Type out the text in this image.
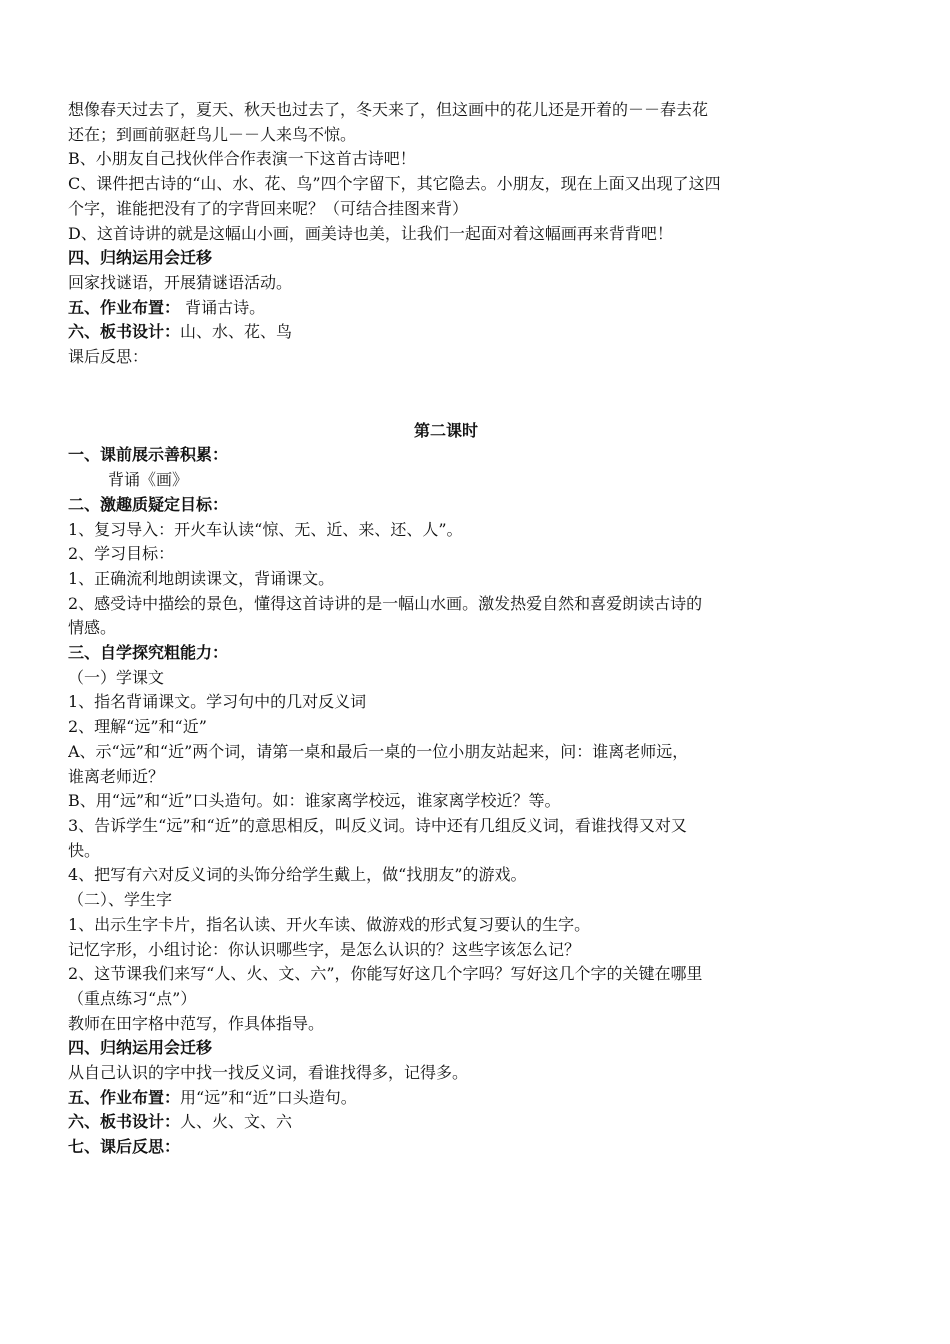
想像春天过去了，夏天、秋天也过去了，冬天来了，但这画中的花儿还是开着的－－春去花
还在；到画前驱赶鸟儿－－人来鸟不惊。
B、小朋友自己找伙伴合作表演一下这首古诗吧！
C、课件把古诗的“山、水、花、鸟”四个字留下，其它隐去。小朋友，现在上面又出现了这四
个字，谁能把没有了的字背回来呢？（可结合挂图来背）
D、这首诗讲的就是这幅山小画，画美诗也美，让我们一起面对着这幅画再来背背吧！
四、归纳运用会迁移
回家找谜语，开展猜谜语活动。
五、作业布置： 背诵古诗。
六、板书设计：山、水、花、鸟
课后反思：
第二课时
一、课前展示善积累：
背诵《画》
二、激趣质疑定目标：
1、复习导入：开火车认读“惊、无、近、来、还、人”。
2、学习目标：
1、正确流利地朗读课文，背诵课文。
2、感受诗中描绘的景色，懂得这首诗讲的是一幅山水画。激发热爱自然和喜爱朗读古诗的
情感。
三、自学探究粗能力：
（一）学课文
1、指名背诵课文。学习句中的几对反义词
2、理解“远”和“近”
A、示“远”和“近”两个词，请第一桌和最后一桌的一位小朋友站起来，问：谁离老师远，
谁离老师近？
B、用“远”和“近”口头造句。如：谁家离学校远，谁家离学校近？等。
3、告诉学生“远”和“近”的意思相反，叫反义词。诗中还有几组反义词，看谁找得又对又
快。
4、把写有六对反义词的头饰分给学生戴上，做“找朋友”的游戏。
（二）、学生字
1、出示生字卡片，指名认读、开火车读、做游戏的形式复习要认的生字。
记忆字形，小组讨论：你认识哪些字，是怎么认识的？这些字该怎么记？
2、这节课我们来写“人、火、文、六”，你能写好这几个字吗？写好这几个字的关键在哪里
（重点练习“点”）
教师在田字格中范写，作具体指导。
四、归纳运用会迁移
从自己认识的字中找一找反义词，看谁找得多，记得多。
五、作业布置：用“远”和“近”口头造句。
六、板书设计：人、火、文、六
七、课后反思：
